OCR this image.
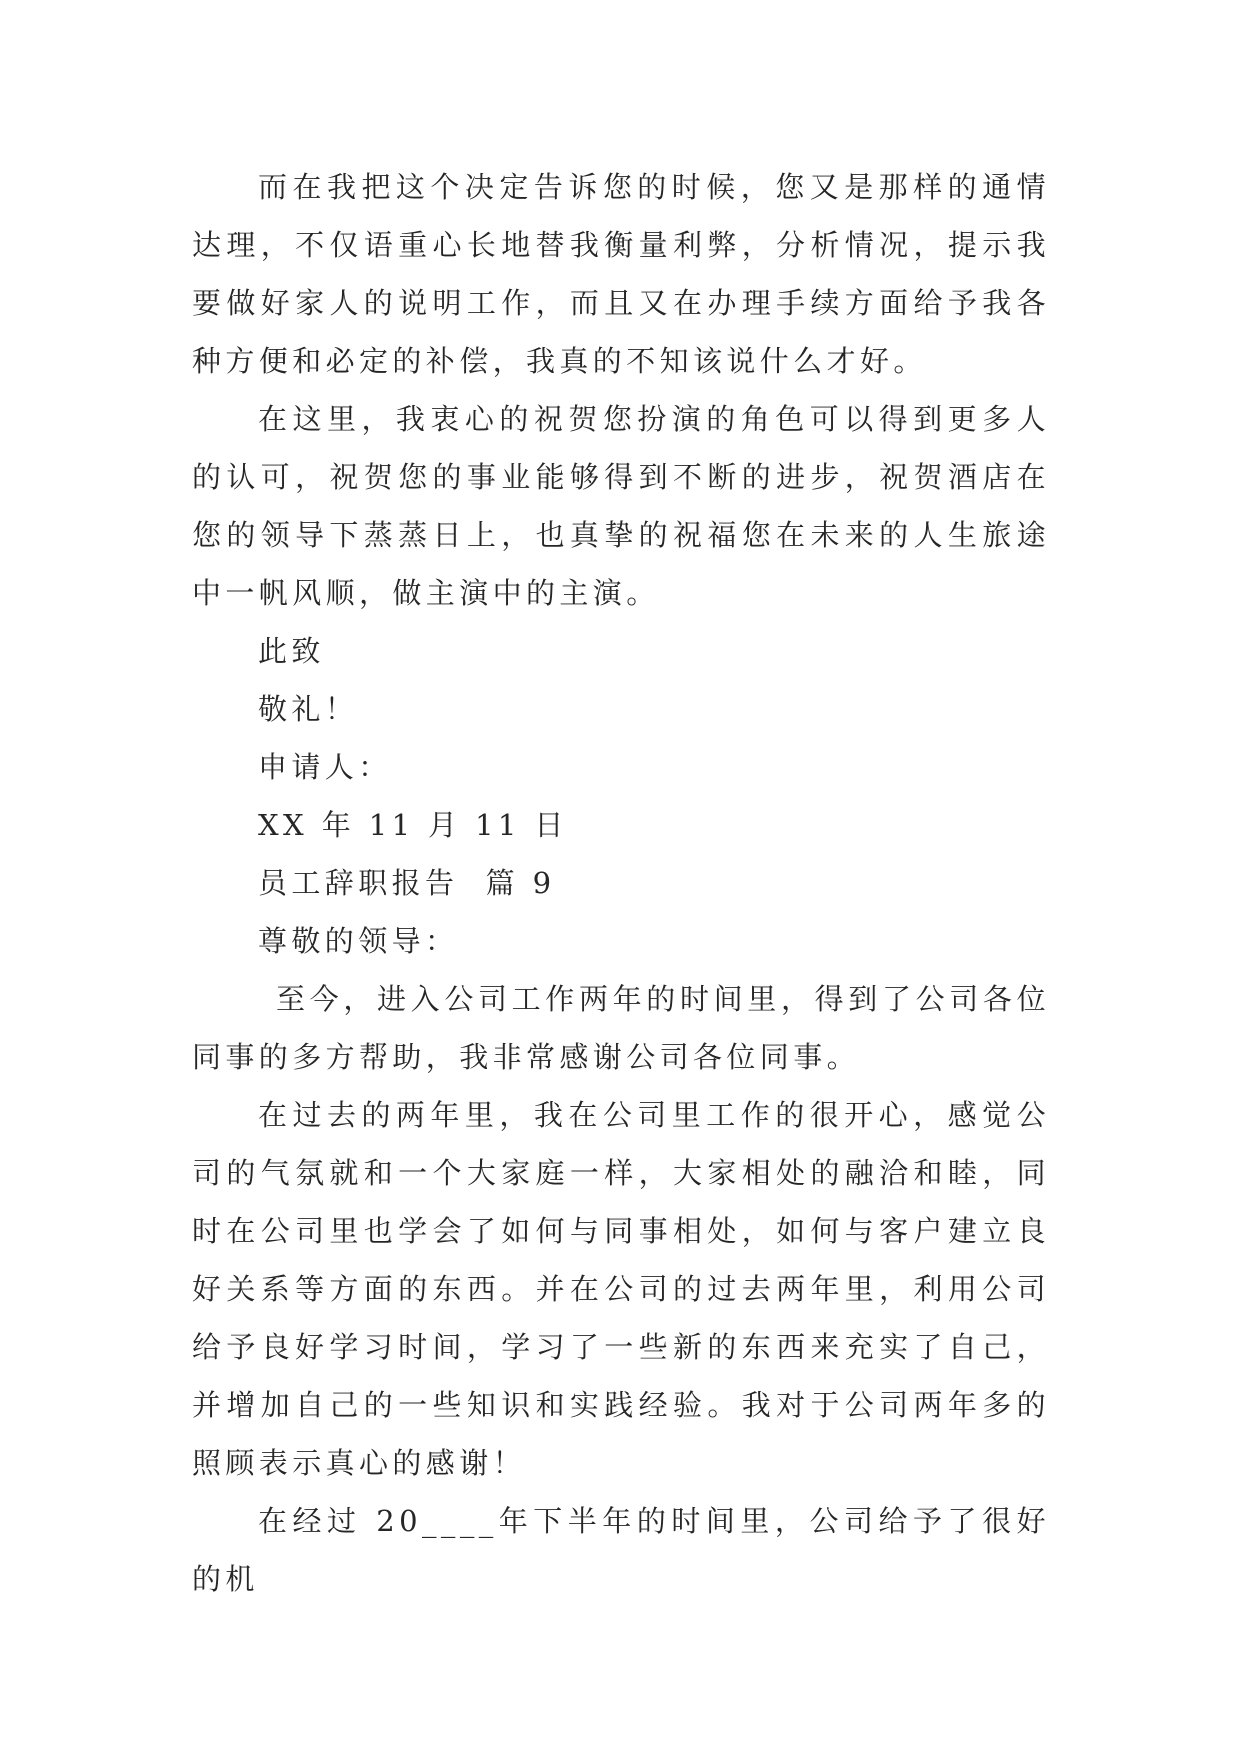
而在我把这个决定告诉您的时候，您又是那样的通情达理，不仅语重心长地替我衡量利弊，分析情况，提示我要做好家人的说明工作，而且又在办理手续方面给予我各种方便和必定的补偿，我真的不知该说什么才好。

在这里，我衷心的祝贺您扮演的角色可以得到更多人的认可，祝贺您的事业能够得到不断的进步，祝贺酒店在您的领导下蒸蒸日上，也真挚的祝福您在未来的人生旅途中一帆风顺，做主演中的主演。

此致

敬礼！

申请人：

XX 年 11 月 11 日

员工辞职报告  篇 9

尊敬的领导：

至今，进入公司工作两年的时间里，得到了公司各位同事的多方帮助，我非常感谢公司各位同事。

在过去的两年里，我在公司里工作的很开心，感觉公司的气氛就和一个大家庭一样，大家相处的融洽和睦，同时在公司里也学会了如何与同事相处，如何与客户建立良好关系等方面的东西。并在公司的过去两年里，利用公司给予良好学习时间，学习了一些新的东西来充实了自己，并增加自己的一些知识和实践经验。我对于公司两年多的照顾表示真心的感谢！

在经过 20____年下半年的时间里，公司给予了很好的机
